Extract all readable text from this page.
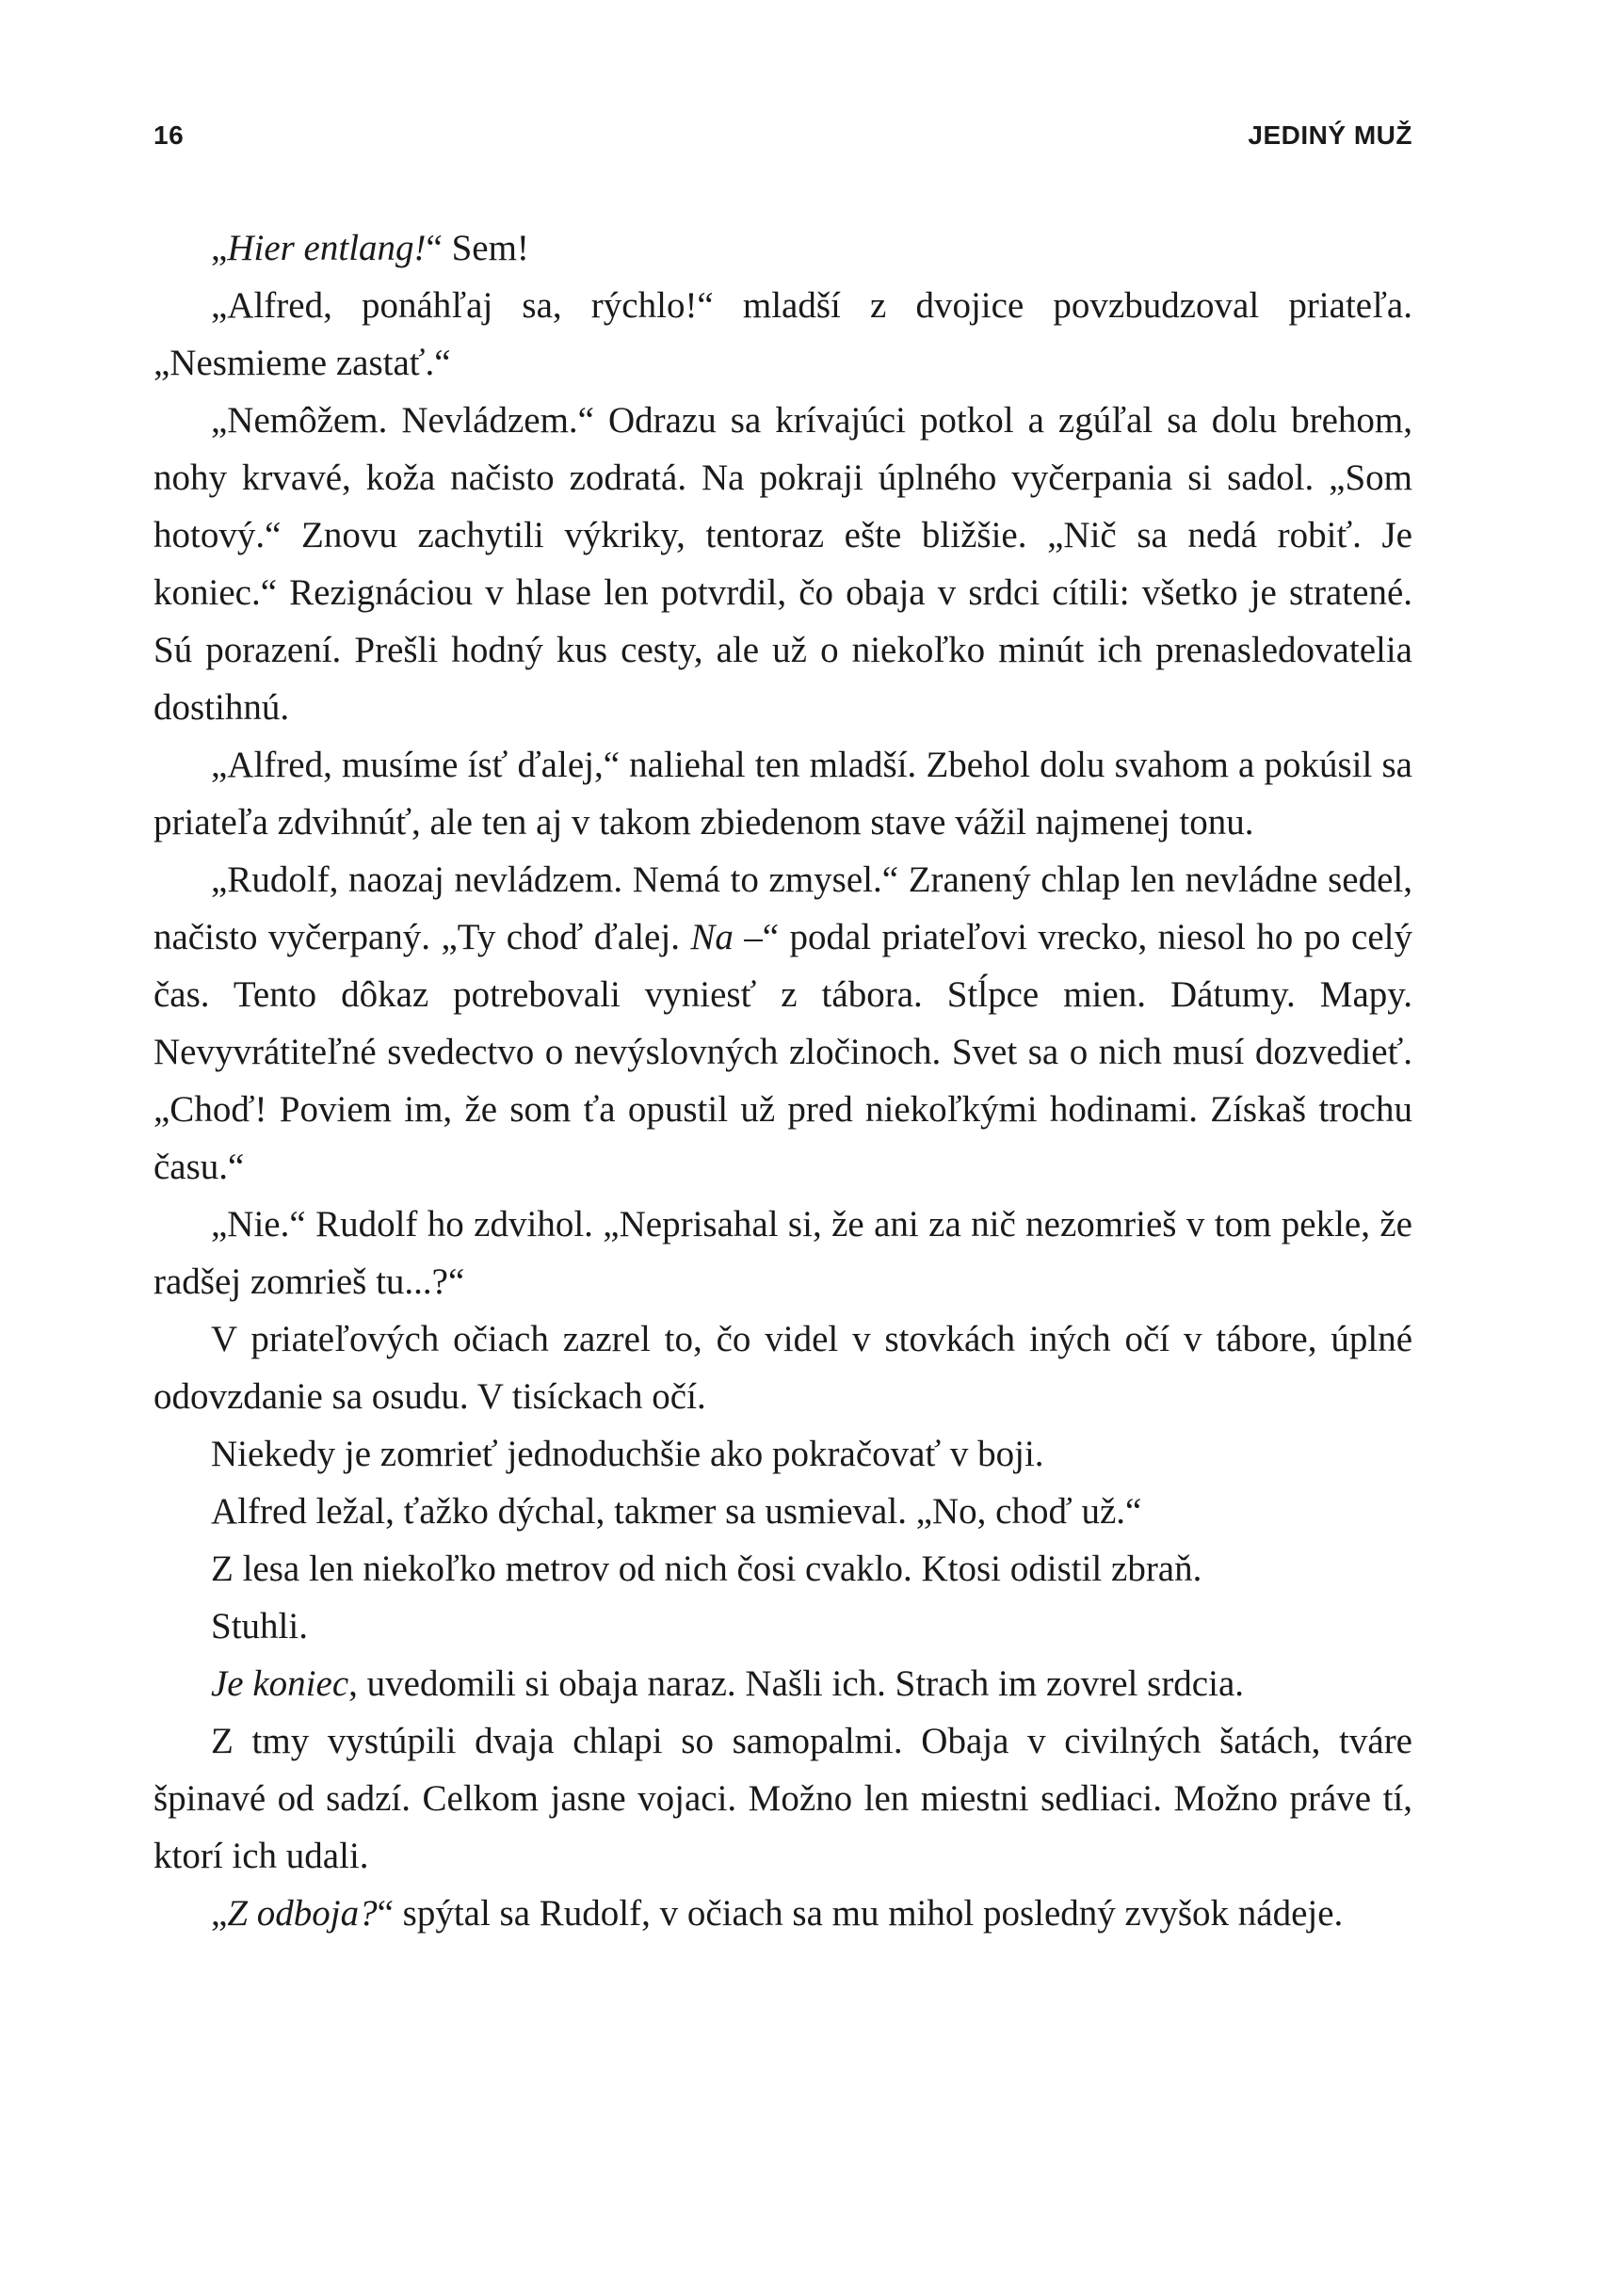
16	JEDINÝ MUŽ

„Hier entlang!“ Sem!

„Alfred, ponáhľaj sa, rýchlo!“ mladší z dvojice povzbudzoval priateľa. „Nesmieme zastať.“

„Nemôžem. Nevládzem.“ Odrazu sa krívajúci potkol a zgúľal sa dolu brehom, nohy krvavé, koža načisto zodratá. Na pokraji úplného vyčerpania si sadol. „Som hotový.“ Znovu zachytili výkriky, tentoraz ešte bližšie. „Nič sa nedá robiť. Je koniec.“ Rezignáciou v hlase len potvrdil, čo obaja v srdci cítili: všetko je stratené. Sú porazení. Prešli hodný kus cesty, ale už o niekoľko minút ich prenasledovatelia dostihnú.

„Alfred, musíme ísť ďalej,“ naliehal ten mladší. Zbehol dolu svahom a pokúsil sa priateľa zdvihnúť, ale ten aj v takom zbiedenom stave vážil najmenej tonu.

„Rudolf, naozaj nevládzem. Nemá to zmysel.“ Zranený chlap len nevládne sedel, načisto vyčerpaný. „Ty choď ďalej. Na –“ podal priateľovi vrecko, niesol ho po celý čas. Tento dôkaz potrebovali vyniesť z tábora. Stĺpce mien. Dátumy. Mapy. Nevyvrátiteľné svedectvo o nevýslovných zločinoch. Svet sa o nich musí dozvedieť. „Choď! Poviem im, že som ťa opustil už pred niekoľkými hodinami. Získaš trochu času.“

„Nie.“ Rudolf ho zdvihol. „Neprisahal si, že ani za nič nezomrieš v tom pekle, že radšej zomrieš tu...?“

V priateľových očiach zazrel to, čo videl v stovkách iných očí v tábore, úplné odovzdanie sa osudu. V tisíckach očí.

Niekedy je zomrieť jednoduchšie ako pokračovať v boji.

Alfred ležal, ťažko dýchal, takmer sa usmieval. „No, choď už.“

Z lesa len niekoľko metrov od nich čosi cvaklo. Ktosi odistil zbraň.

Stuhli.

Je koniec, uvedomili si obaja naraz. Našli ich. Strach im zovrel srdcia.

Z tmy vystúpili dvaja chlapi so samopalmi. Obaja v civilných šatách, tváre špinavé od sadzí. Celkom jasne vojaci. Možno len miestni sedliaci. Možno práve tí, ktorí ich udali.

„Z odboja?“ spýtal sa Rudolf, v očiach sa mu mihol posledný zvyšok nádeje.
